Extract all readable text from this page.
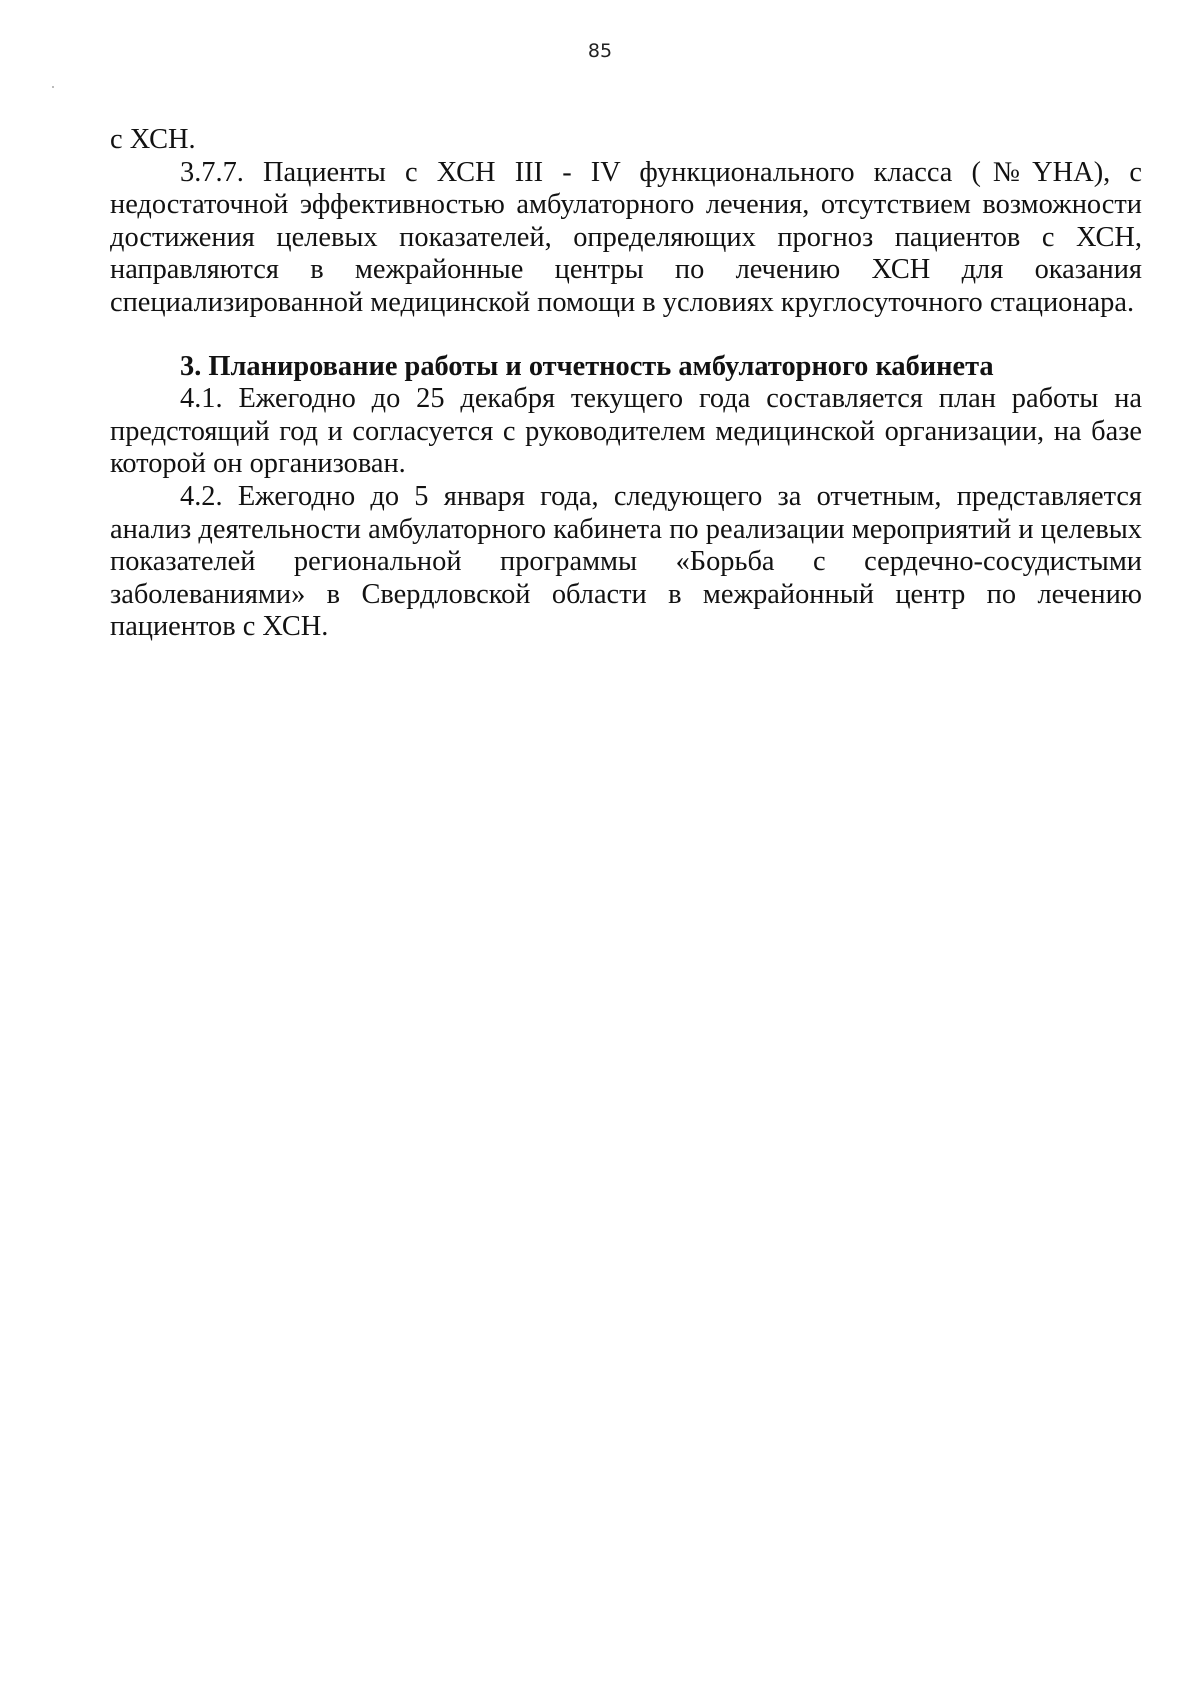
85

с ХСН.

3.7.7. Пациенты с ХСН III - IV функционального класса (№YHA), с недостаточной эффективностью амбулаторного лечения, отсутствием возможности достижения целевых показателей, определяющих прогноз пациентов с ХСН, направляются в межрайонные центры по лечению ХСН для оказания специализированной медицинской помощи в условиях круглосуточного стационара.

3. Планирование работы и отчетность амбулаторного кабинета

4.1. Ежегодно до 25 декабря текущего года составляется план работы на предстоящий год и согласуется с руководителем медицинской организации, на базе которой он организован.

4.2. Ежегодно до 5 января года, следующего за отчетным, представляется анализ деятельности амбулаторного кабинета по реализации мероприятий и целевых показателей региональной программы «Борьба с сердечно-сосудистыми заболеваниями» в Свердловской области в межрайонный центр по лечению пациентов с ХСН.
